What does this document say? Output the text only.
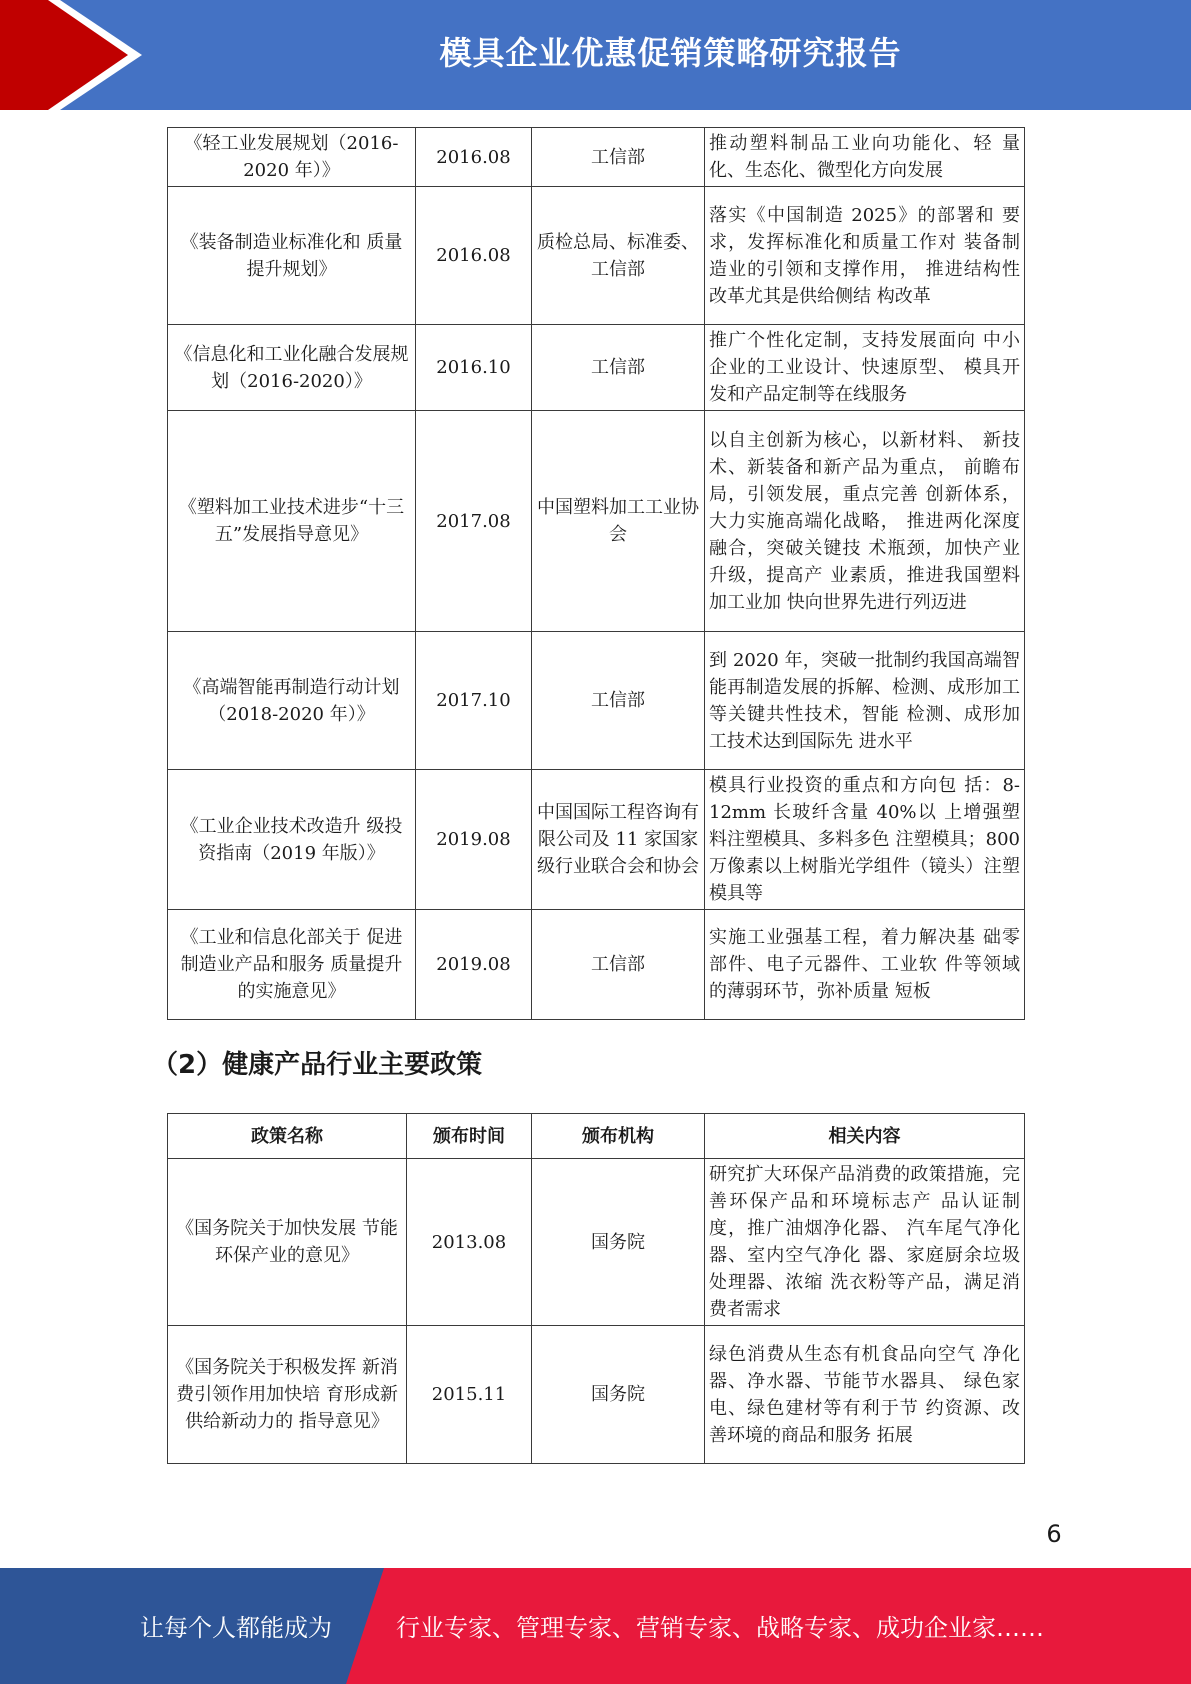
模具企业优惠促销策略研究报告
《轻工业发展规划（2016-2020 年）》	2016.08	工信部	推动塑料制品工业向功能化、轻 量化、生态化、微型化方向发展
《装备制造业标准化和 质量提升规划》	2016.08	质检总局、标准委、工信部	落实《中国制造 2025》的部署和 要求，发挥标准化和质量工作对 装备制造业的引领和支撑作用， 推进结构性改革尤其是供给侧结 构改革
《信息化和工业化融合发展规划（2016-2020）》	2016.10	工信部	推广个性化定制，支持发展面向 中小企业的工业设计、快速原型、 模具开发和产品定制等在线服务
《塑料加工业技术进步“十三五”发展指导意见》	2017.08	中国塑料加工工业协会	以自主创新为核心，以新材料、 新技术、新装备和新产品为重点， 前瞻布局，引领发展，重点完善 创新体系，大力实施高端化战略， 推进两化深度融合，突破关键技 术瓶颈，加快产业升级，提高产 业素质，推进我国塑料加工业加 快向世界先进行列迈进
《高端智能再制造行动计划（2018-2020 年）》	2017.10	工信部	到 2020 年，突破一批制约我国高端智能再制造发展的拆解、检测、成形加工等关键共性技术，智能 检测、成形加工技术达到国际先 进水平
《工业企业技术改造升 级投资指南（2019 年版）》	2019.08	中国国际工程咨询有限公司及 11 家国家级行业联合会和协会	模具行业投资的重点和方向包 括：8-12mm 长玻纤含量 40%以 上增强塑料注塑模具、多料多色 注塑模具；800 万像素以上树脂光学组件（镜头）注塑模具等
《工业和信息化部关于 促进制造业产品和服务 质量提升的实施意见》	2019.08	工信部	实施工业强基工程，着力解决基 础零部件、电子元器件、工业软 件等领域的薄弱环节，弥补质量 短板
（2）健康产品行业主要政策
政策名称	颁布时间	颁布机构	相关内容
《国务院关于加快发展 节能环保产业的意见》	2013.08	国务院	研究扩大环保产品消费的政策措施，完善环保产品和环境标志产 品认证制度，推广油烟净化器、 汽车尾气净化器、室内空气净化 器、家庭厨余垃圾处理器、浓缩 洗衣粉等产品，满足消费者需求
《国务院关于积极发挥 新消费引领作用加快培 育形成新供给新动力的 指导意见》	2015.11	国务院	绿色消费从生态有机食品向空气 净化器、净水器、节能节水器具、 绿色家电、绿色建材等有利于节 约资源、改善环境的商品和服务 拓展
6
让每个人都能成为	行业专家、管理专家、营销专家、战略专家、成功企业家……
